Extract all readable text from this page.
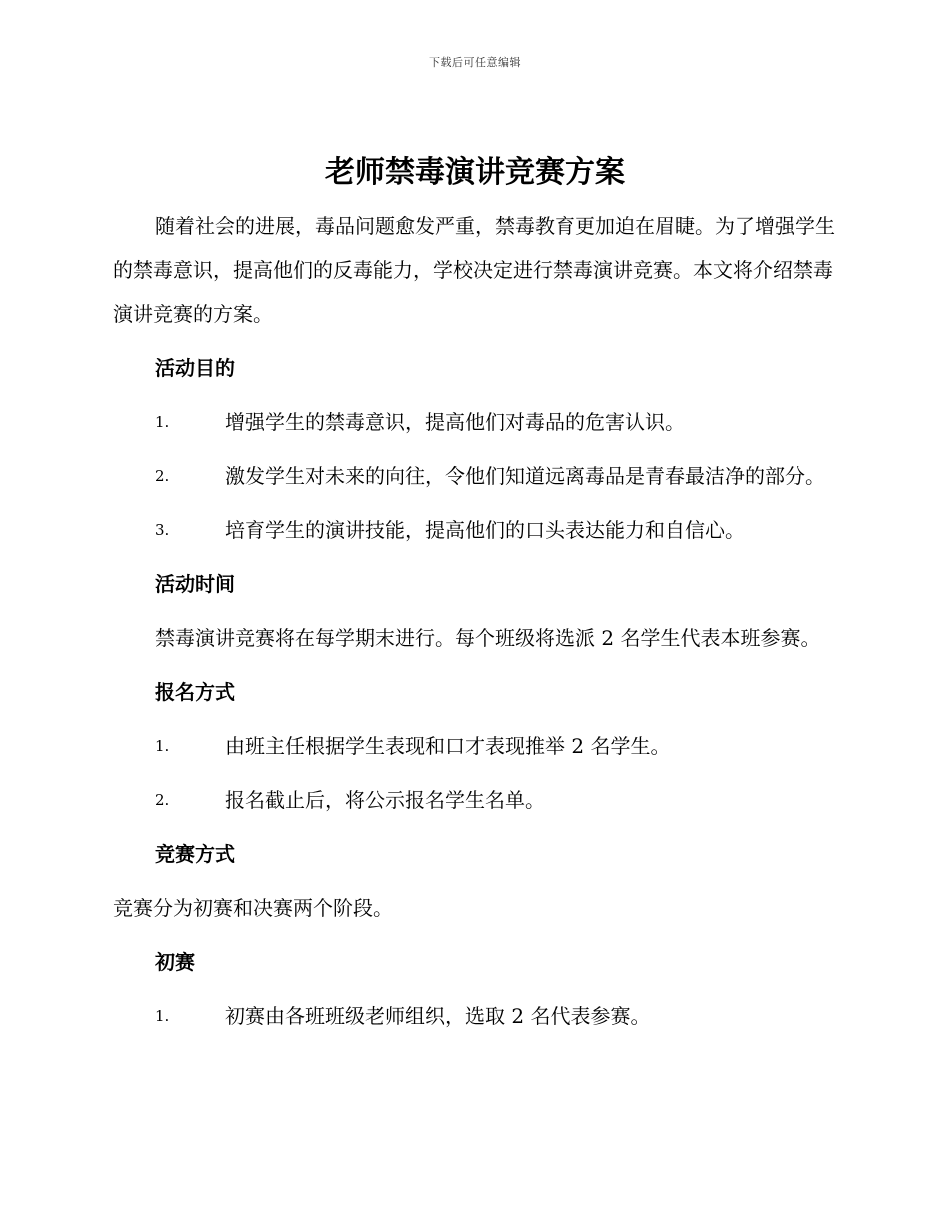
下载后可任意编辑
老师禁毒演讲竞赛方案

随着社会的进展，毒品问题愈发严重，禁毒教育更加迫在眉睫。为了增强学生的禁毒意识，提高他们的反毒能力，学校决定进行禁毒演讲竞赛。本文将介绍禁毒演讲竞赛的方案。

活动目的

1.	增强学生的禁毒意识，提高他们对毒品的危害认识。

2.	激发学生对未来的向往，令他们知道远离毒品是青春最洁净的部分。

3.	培育学生的演讲技能，提高他们的口头表达能力和自信心。

活动时间

禁毒演讲竞赛将在每学期末进行。每个班级将选派 2 名学生代表本班参赛。

报名方式

1.	由班主任根据学生表现和口才表现推举 2 名学生。

2.	报名截止后，将公示报名学生名单。

竞赛方式

竞赛分为初赛和决赛两个阶段。

初赛

1.	初赛由各班班级老师组织，选取 2 名代表参赛。
